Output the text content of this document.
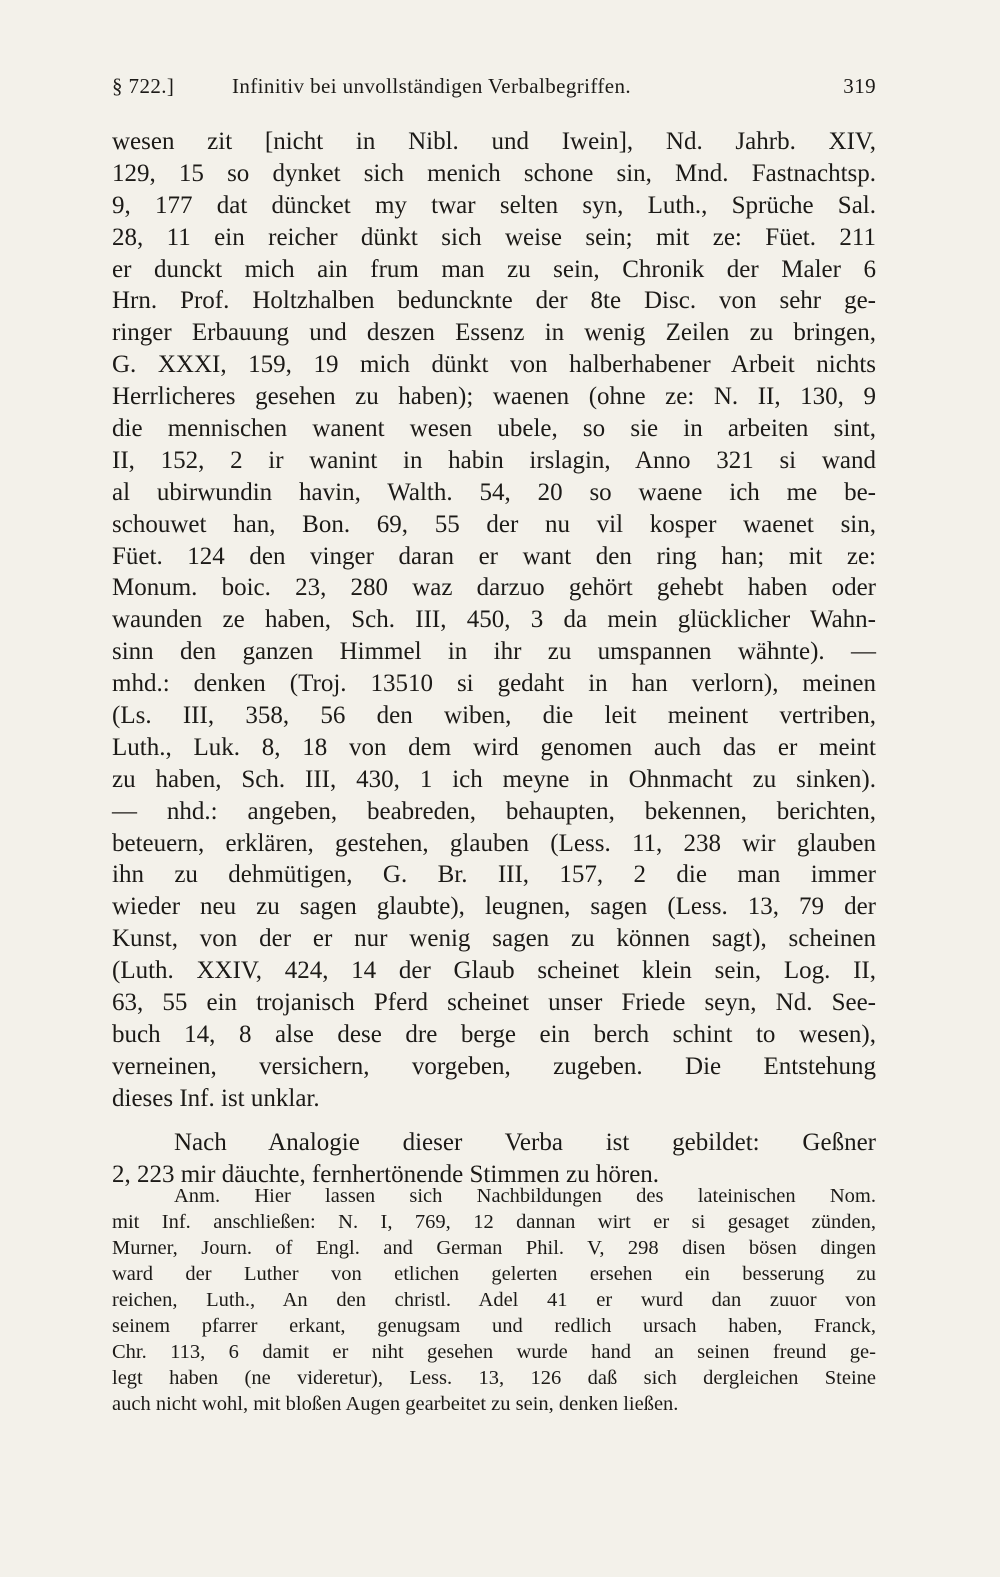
§ 722.]	Infinitiv bei unvollständigen Verbalbegriffen.	319
wesen zit [nicht in Nibl. und Iwein], Nd. Jahrb. XIV,
129, 15 so dynket sich menich schone sin, Mnd. Fastnachtsp.
9, 177 dat düncket my twar selten syn, Luth., Sprüche Sal.
28, 11 ein reicher dünkt sich weise sein; mit ze: Füet. 211
er dunckt mich ain frum man zu sein, Chronik der Maler 6
Hrn. Prof. Holtzhalben beduncknte der 8te Disc. von sehr ge-
ringer Erbauung und deszen Essenz in wenig Zeilen zu bringen,
G. XXXI, 159, 19 mich dünkt von halberhabener Arbeit nichts
Herrlicheres gesehen zu haben); waenen (ohne ze: N. II, 130, 9
die mennischen wanent wesen ubele, so sie in arbeiten sint,
II, 152, 2 ir wanint in habin irslagin, Anno 321 si wand
al ubirwundin havin, Walth. 54, 20 so waene ich me be-
schouwet han, Bon. 69, 55 der nu vil kosper waenet sin,
Füet. 124 den vinger daran er want den ring han; mit ze:
Monum. boic. 23, 280 waz darzuo gehört gehebt haben oder
waunden ze haben, Sch. III, 450, 3 da mein glücklicher Wahn-
sinn den ganzen Himmel in ihr zu umspannen wähnte). —
mhd.: denken (Troj. 13510 si gedaht in han verlorn), meinen
(Ls. III, 358, 56 den wiben, die leit meinent vertriben,
Luth., Luk. 8, 18 von dem wird genomen auch das er meint
zu haben, Sch. III, 430, 1 ich meyne in Ohnmacht zu sinken).
— nhd.: angeben, beabreden, behaupten, bekennen, berichten,
beteuern, erklären, gestehen, glauben (Less. 11, 238 wir glauben
ihn zu dehmütigen, G. Br. III, 157, 2 die man immer
wieder neu zu sagen glaubte), leugnen, sagen (Less. 13, 79 der
Kunst, von der er nur wenig sagen zu können sagt), scheinen
(Luth. XXIV, 424, 14 der Glaub scheinet klein sein, Log. II,
63, 55 ein trojanisch Pferd scheinet unser Friede seyn, Nd. See-
buch 14, 8 alse dese dre berge ein berch schint to wesen),
verneinen, versichern, vorgeben, zugeben. Die Entstehung
dieses Inf. ist unklar.
Nach Analogie dieser Verba ist gebildet: Geßner
2, 223 mir däuchte, fernhertönende Stimmen zu hören.
Anm. Hier lassen sich Nachbildungen des lateinischen Nom.
mit Inf. anschließen: N. I, 769, 12 dannan wirt er si gesaget zünden,
Murner, Journ. of Engl. and German Phil. V, 298 disen bösen dingen
ward der Luther von etlichen gelerten ersehen ein besserung zu
reichen, Luth., An den christl. Adel 41 er wurd dan zuuor von
seinem pfarrer erkant, genugsam und redlich ursach haben, Franck,
Chr. 113, 6 damit er niht gesehen wurde hand an seinen freund ge-
legt haben (ne videretur), Less. 13, 126 daß sich dergleichen Steine
auch nicht wohl, mit bloßen Augen gearbeitet zu sein, denken ließen.
